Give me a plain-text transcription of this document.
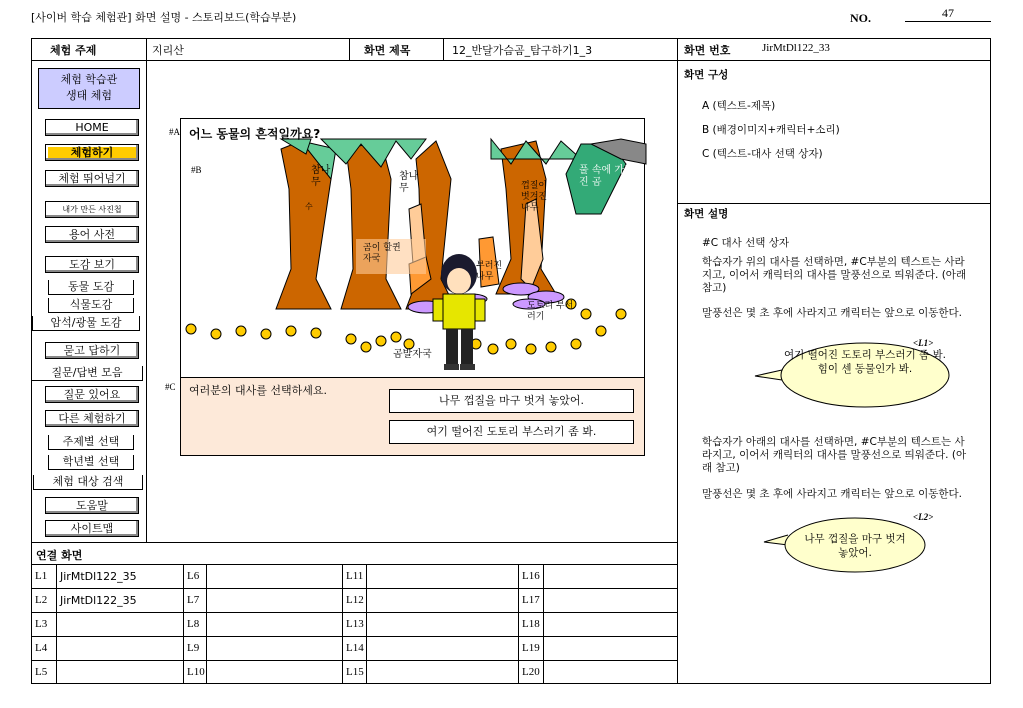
[사이버 학습 체험관] 화면 설명 - 스토리보드(학습부분)	NO.	47
체험 주제	지리산	화면 제목	12_반달가슴곰_탐구하기1_3	화면 번호	JirMtDl122_33
체험 학습관 생태 체험
HOME
체험하기
체험 뛰어넘기
내가 만든 사진첩
용어 사전
도감 보기
동물 도감
식물도감
암석/광물 도감
묻고 답하기
질문/답변 모음
질문 있어요
다른 체험하기
주제별 선택
학년별 선택
체험 대상 검색
도움말
사이트맵
#A 어느 동물의 흔적일까요?
#B	참나무
참나무
풀 속에 가려진 곰
껍질이 벗겨진 나무
곰이 할퀸 자국
부러진 나무
도토리 부서러기
곰발자국
수
#C 여러분의 대사를 선택하세요.
나무 껍질을 마구 벗겨 놓았어.
여기 떨어진 도토리 부스러기 좀 봐.
화면 구성
A (텍스트-제목)
B (배경이미지+캐릭터+소리)
C (텍스트-대사 선택 상자)
화면 설명
#C 대사 선택 상자
학습자가 위의 대사를 선택하면, #C부분의 텍스트는 사라지고, 이어서 캐릭터의 대사를 말풍선으로 띄워준다. (아래 참고)
말풍선은 몇 초 후에 사라지고 캐릭터는 앞으로 이동한다.
<L1>
여기 떨어진 도토리 부스러기 좀 봐. 힘이 센 동물인가 봐.
학습자가 아래의 대사를 선택하면, #C부분의 텍스트는 사라지고, 이어서 캐릭터의 대사를 말풍선으로 띄워준다. (아래 참고)
말풍선은 몇 초 후에 사라지고 캐릭터는 앞으로 이동한다.
<L2>
나무 껍질을 마구 벗겨 놓았어.
연결 화면
L1 JirMtDl122_35	L6	L11	L16
L2 JirMtDl122_35	L7	L12	L17
L3	L8	L13	L18
L4	L9	L14	L19
L5	L10	L15	L20
